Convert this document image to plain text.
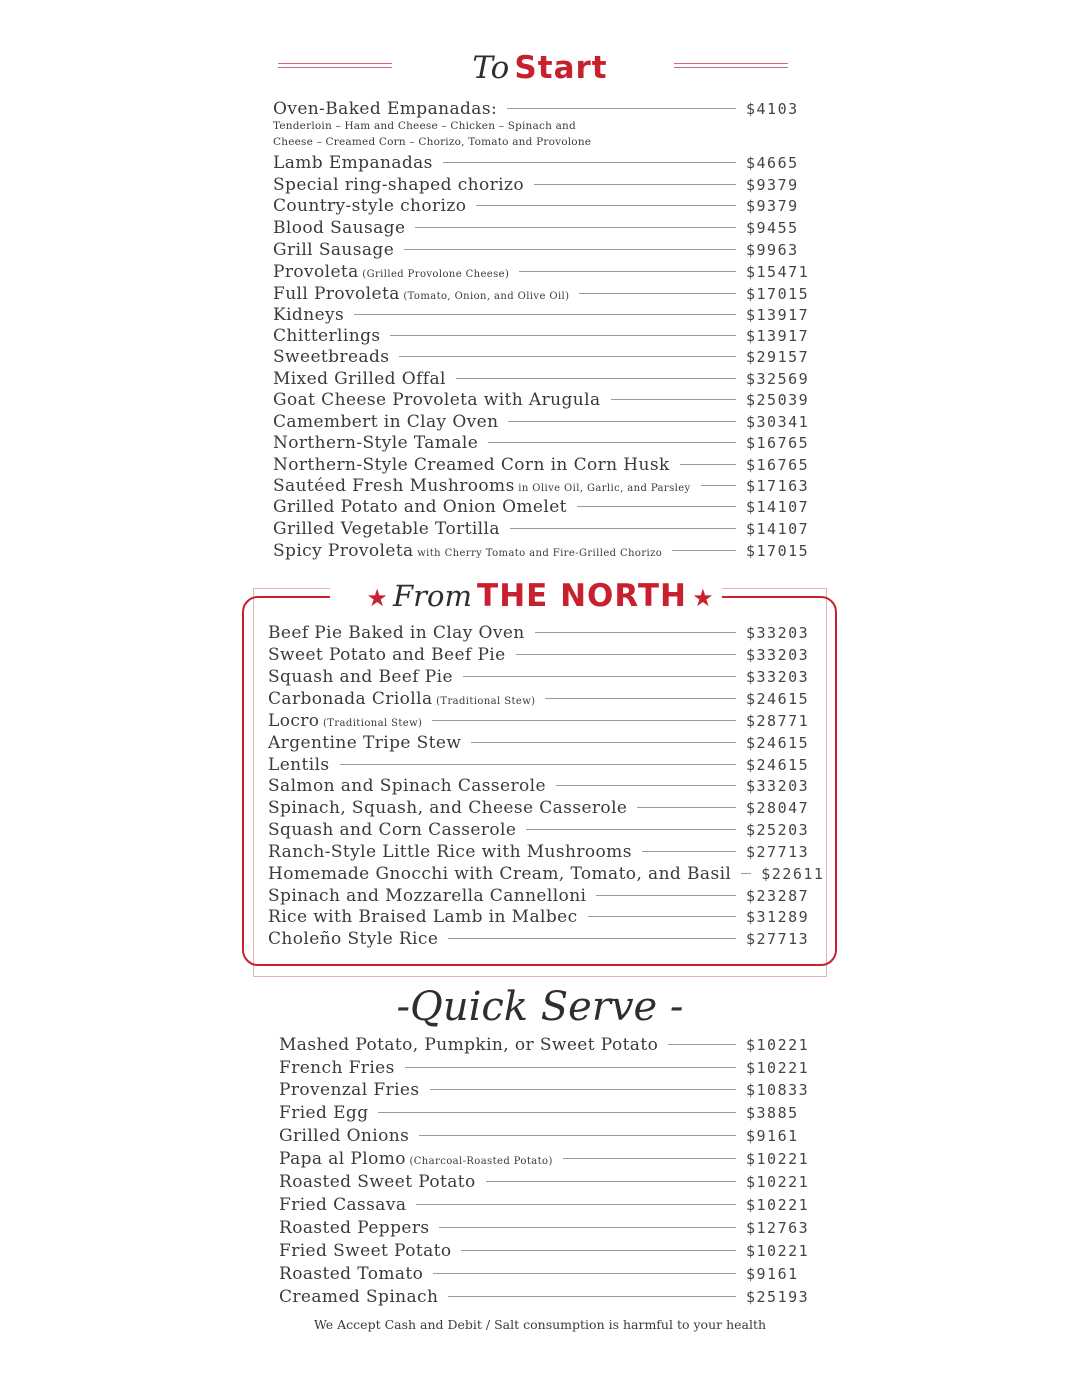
To Start
Oven-Baked Empanadas:	$4103
Tenderloin – Ham and Cheese – Chicken – Spinach and
Cheese – Creamed Corn – Chorizo, Tomato and Provolone
Lamb Empanadas	$4665
Special ring-shaped chorizo	$9379
Country-style chorizo	$9379
Blood Sausage	$9455
Grill Sausage	$9963
Provoleta (Grilled Provolone Cheese)	$15471
Full Provoleta (Tomato, Onion, and Olive Oil)	$17015
Kidneys	$13917
Chitterlings	$13917
Sweetbreads	$29157
Mixed Grilled Offal	$32569
Goat Cheese Provoleta with Arugula	$25039
Camembert in Clay Oven	$30341
Northern-Style Tamale	$16765
Northern-Style Creamed Corn in Corn Husk	$16765
Sautéed Fresh Mushrooms in Olive Oil, Garlic, and Parsley	$17163
Grilled Potato and Onion Omelet	$14107
Grilled Vegetable Tortilla	$14107
Spicy Provoleta with Cherry Tomato and Fire-Grilled Chorizo	$17015
★ From THE NORTH ★
Beef Pie Baked in Clay Oven	$33203
Sweet Potato and Beef Pie	$33203
Squash and Beef Pie	$33203
Carbonada Criolla (Traditional Stew)	$24615
Locro (Traditional Stew)	$28771
Argentine Tripe Stew	$24615
Lentils	$24615
Salmon and Spinach Casserole	$33203
Spinach, Squash, and Cheese Casserole	$28047
Squash and Corn Casserole	$25203
Ranch-Style Little Rice with Mushrooms	$27713
Homemade Gnocchi with Cream, Tomato, and Basil $22611
Spinach and Mozzarella Cannelloni	$23287
Rice with Braised Lamb in Malbec	$31289
Choleño Style Rice	$27713
-Quick Serve -
Mashed Potato, Pumpkin, or Sweet Potato	$10221
French Fries	$10221
Provenzal Fries	$10833
Fried Egg	$3885
Grilled Onions	$9161
Papa al Plomo (Charcoal-Roasted Potato)	$10221
Roasted Sweet Potato	$10221
Fried Cassava	$10221
Roasted Peppers	$12763
Fried Sweet Potato	$10221
Roasted Tomato	$9161
Creamed Spinach	$25193
We Accept Cash and Debit / Salt consumption is harmful to your health
